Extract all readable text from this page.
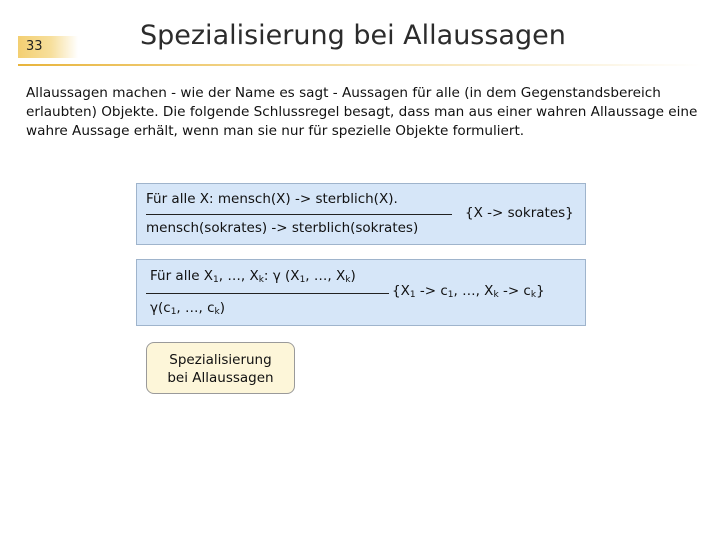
33	Spezialisierung bei Allaussagen

Allaussagen machen - wie der Name es sagt - Aussagen für alle (in dem Gegenstandsbereich erlaubten) Objekte. Die folgende Schlussregel besagt, dass man aus einer wahren Allaussage eine wahre Aussage erhält, wenn man sie nur für spezielle Objekte formuliert.

Für alle X: mensch(X) -> sterblich(X).
mensch(sokrates) -> sterblich(sokrates)
{X -> sokrates}
Für alle $X_1$, …, $X_k$: γ ($X_1$, …, $X_k$)
$\gamma(c_1$, …, $c_k$)
{$X_1 -> c_1$, …, $X_k -> c_k$}
Spezialisierung
bei Allaussagen
